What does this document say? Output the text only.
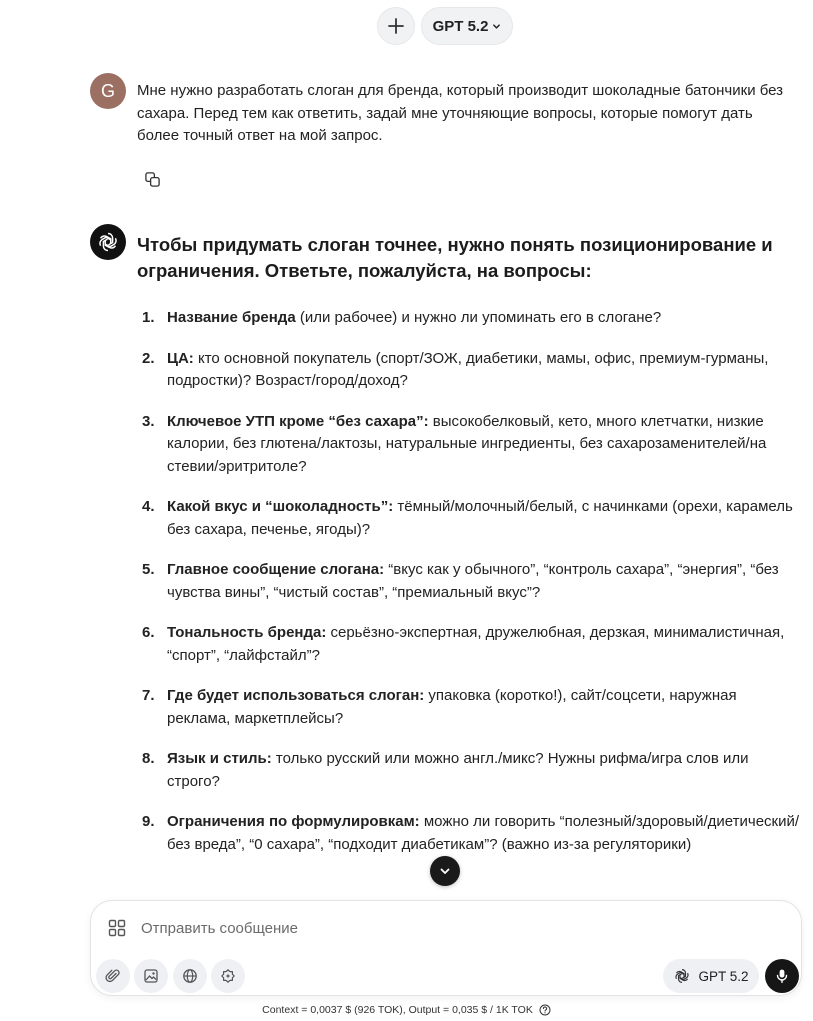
GPT 5.2
G Мне нужно разработать слоган для бренда, который производит шоколадные батончики без сахара. Перед тем как ответить, задай мне уточняющие вопросы, которые помогут дать более точный ответ на мой запрос.
Чтобы придумать слоган точнее, нужно понять позиционирование и ограничения. Ответьте, пожалуйста, на вопросы:
1. Название бренда (или рабочее) и нужно ли упоминать его в слогане?
2. ЦА: кто основной покупатель (спорт/ЗОЖ, диабетики, мамы, офис, премиум-гурманы, подростки)? Возраст/город/доход?
3. Ключевое УТП кроме “без сахара”: высокобелковый, кето, много клетчатки, низкие калории, без глютена/лактозы, натуральные ингредиенты, без сахарозаменителей/на стевии/эритритоле?
4. Какой вкус и “шоколадность”: тёмный/молочный/белый, с начинками (орехи, карамель без сахара, печенье, ягоды)?
5. Главное сообщение слогана: “вкус как у обычного”, “контроль сахара”, “энергия”, “без чувства вины”, “чистый состав”, “премиальный вкус”?
6. Тональность бренда: серьёзно-экспертная, дружелюбная, дерзкая, минималистичная, “спорт”, “лайфстайл”?
7. Где будет использоваться слоган: упаковка (коротко!), сайт/соцсети, наружная реклама, маркетплейсы?
8. Язык и стиль: только русский или можно англ./микс? Нужны рифма/игра слов или строго?
9. Ограничения по формулировкам: можно ли говорить “полезный/здоровый/диетический/без вреда”, “0 сахара”, “подходит диабетикам”? (важно из-за регуляторики)
Отправить сообщение
GPT 5.2
Context = 0,0037 $ (926 TOK), Output = 0,035 $ / 1K TOK
